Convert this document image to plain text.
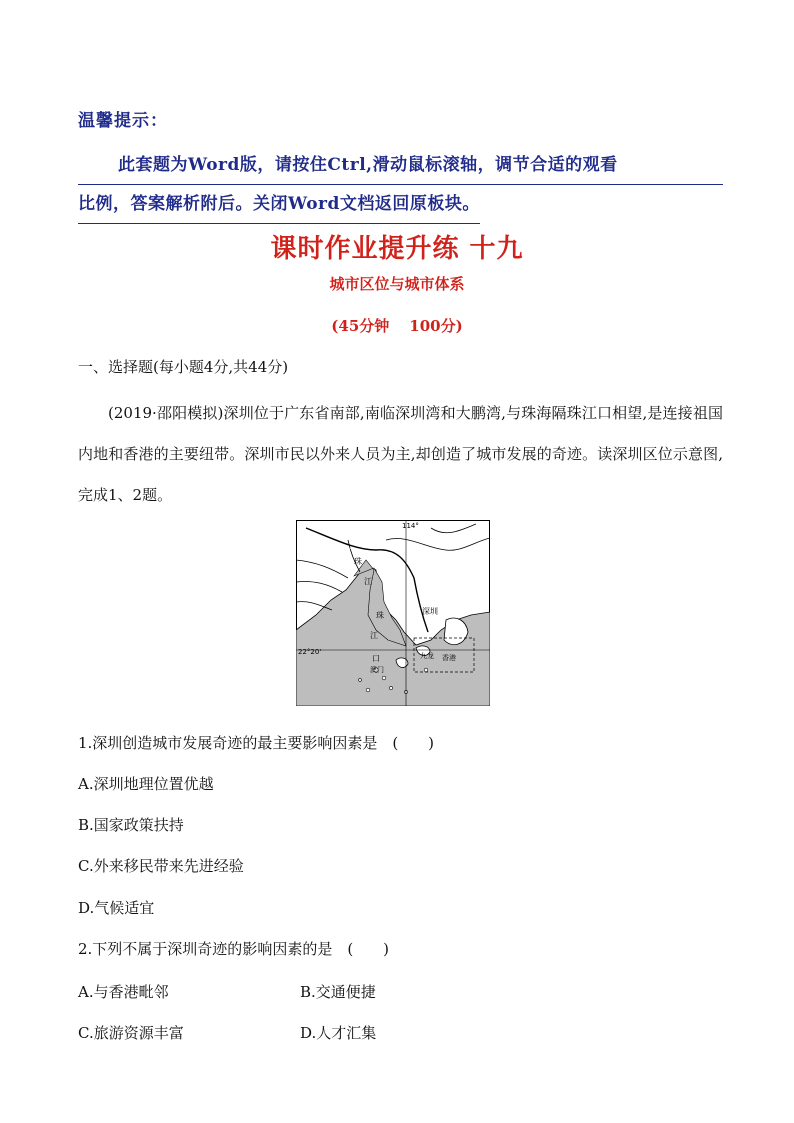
温馨提示：
此套题为Word版，请按住Ctrl,滑动鼠标滚轴，调节合适的观看
比例，答案解析附后。关闭Word文档返回原板块。
课时作业提升练 十九
城市区位与城市体系
(45分钟 100分)
一、选择题(每小题4分,共44分)
(2019·邵阳模拟)深圳位于广东省南部,南临深圳湾和大鹏湾,与珠海隔珠江口相望,是连接祖国内地和香港的主要纽带。深圳市民以外来人员为主,却创造了城市发展的奇迹。读深圳区位示意图,完成1、2题。
114°
22°20'
珠
江
珠
江
口
深圳
澳门
九龙 香港
1.深圳创造城市发展奇迹的最主要影响因素是　(　　)
A.深圳地理位置优越
B.国家政策扶持
C.外来移民带来先进经验
D.气候适宜
2.下列不属于深圳奇迹的影响因素的是　(　　)
A.与香港毗邻	B.交通便捷
C.旅游资源丰富	D.人才汇集
